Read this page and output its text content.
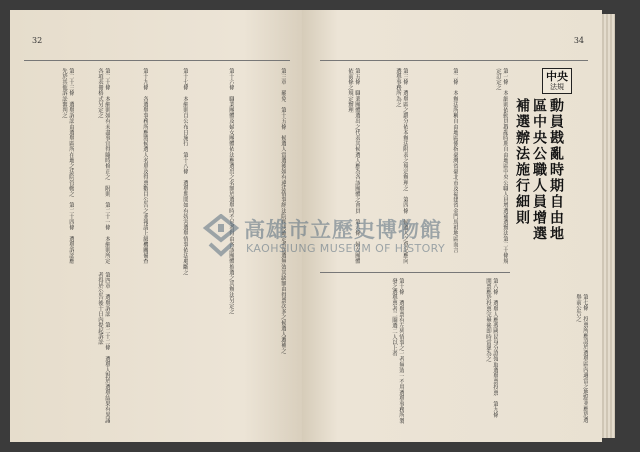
32
第三章　罷免　第十五條　候選人當選後如有違法情事經法院判決確定者當選無效其缺額由得票次多之候選人遞補之
第十六條　職業團體及婦女團體依法應選出之名額於選舉時不足者得由各該團體推選之其辦法另定之
第十七條　本細則自公布日施行　第十八條　選舉期間如有妨害選舉情事依法處斷之
第十九條　各選舉事務所應將候選人名單及得票數目公告之並報請上級機關備查
第二十條　本細則如有未盡事宜得隨時修正之　附則　第二十一條　本細則所定各項表冊格式另定之
第四章　選舉訴訟　第二十二條　選舉人對於選舉結果有異議者得於公告後十日內提起訴訟
第二十三條　選舉訴訟由選舉區所在地之法院管轄之　第二十四條　選舉訴訟應先於其他訴訟審判之
34
中央
法規
動員戡亂時期自由地
區中央公職人員增選
補選辦法施行細則
第一條　本細則依動員戡亂時期自由地區中央公職人員增選補選辦法第二十條規定訂定之
第二條　本辦法所稱自由地區係指臺灣省臺北市及福建省金門馬祖地區而言
第三條　選舉區之劃分依本辦法附表之規定辦理之　第四條　候選人之登記應向選舉事務所為之
第五條　職業團體選出之代表其候選人應為各該團體之會員　第六條　婦女團體依前條之規定辦理
第七條　投票所應設於選舉區內適當之地點並應於選舉前公告之
第八條　選舉人應憑國民身分證領取選舉票投票　第九條　開票應於投票完畢後即時當眾為之
第十條　選舉票有左列情事之一者無效一不用選舉事務所製發之選舉票者二圈選二人以上者
高雄市立歷史博物館
KAOHSIUNG MUSEUM OF HISTORY
